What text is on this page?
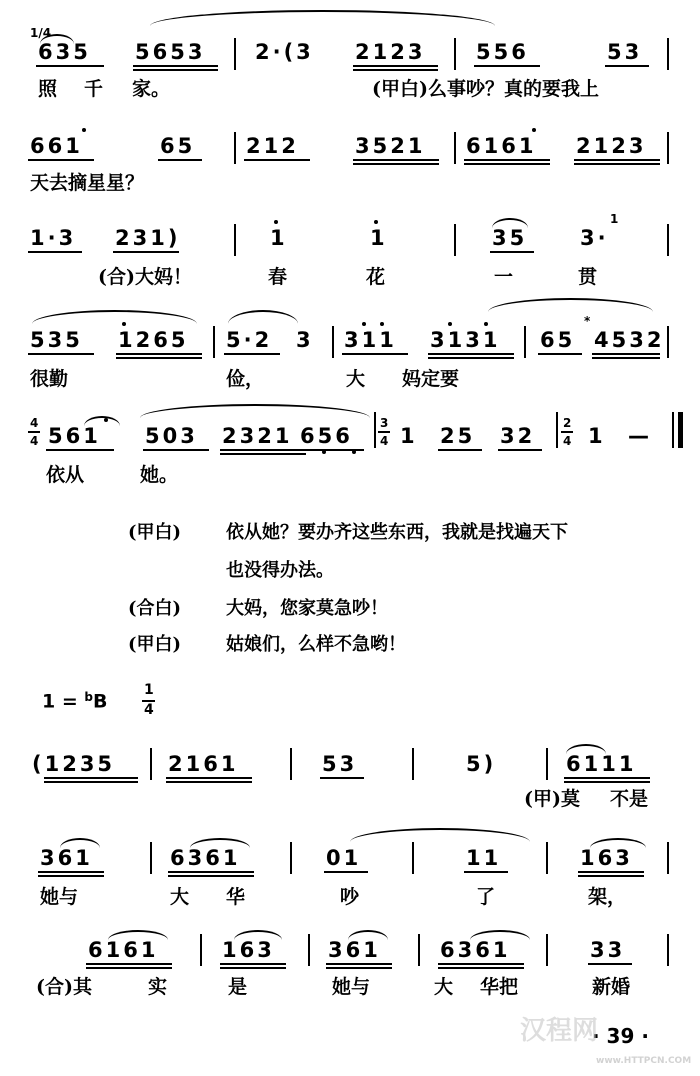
1/4
635 5653 2·(3 2123 556	53
照 千 家。	(甲白)么事吵？真的要我上
661	65 212	3521 6161 2123
天去摘星星？
1·3 231)	1	1	35	3·
1
(合)大妈！	春	花	一	贯
535 1265 5·2 3 311 3131 65
*
4532
很勤	俭，	大 妈定要
4
4 561 503 2321 656
3
4 1 25 32
2
4 1 —
依从	她。
(甲白) 依从她？要办齐这些东西，我就是找遍天下
也没得办法。
(合白) 大妈，您家莫急吵！
(甲白) 姑娘们，么样不急哟！
1 = $^b$B
1
4
(1235	2161	53	5)	6111
(甲)莫 不是
361	6361	01	11	163
她与	大 华	吵	了	架，
6161	163	361	6361	33
(合)其	实	是	她与	大 华把	新婚
· 39 ·
汉程网
www.HTTPCN.COM
